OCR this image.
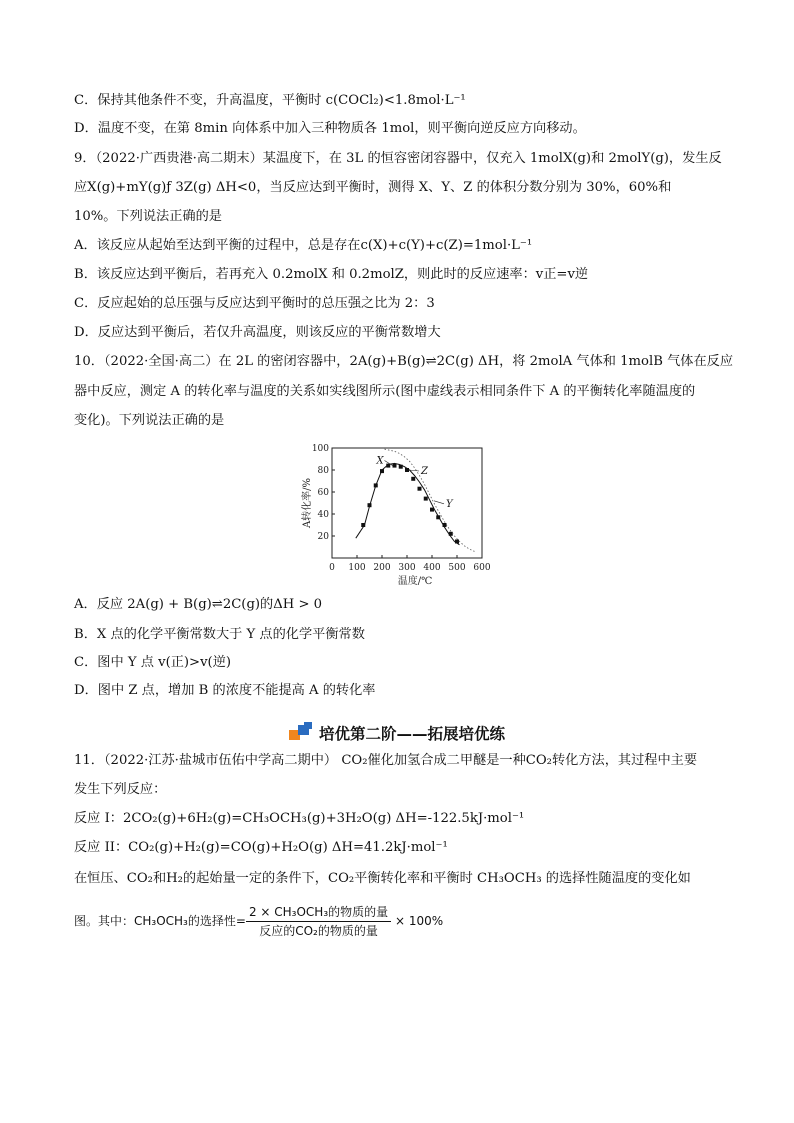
C．保持其他条件不变，升高温度，平衡时 c(COCl₂)<1.8mol·L⁻¹
D．温度不变，在第 8min 向体系中加入三种物质各 1mol，则平衡向逆反应方向移动。
9．（2022·广西贵港·高二期末）某温度下，在 3L 的恒容密闭容器中，仅充入 1molX(g)和 2molY(g)，发生反
应X(g)+mY(g)ƒ 3Z(g) ΔH<0，当反应达到平衡时，测得 X、Y、Z 的体积分数分别为 30%，60%和
10%。下列说法正确的是
A．该反应从起始至达到平衡的过程中，总是存在c(X)+c(Y)+c(Z)=1mol·L⁻¹
B．该反应达到平衡后，若再充入 0.2molX 和 0.2molZ，则此时的反应速率：v正=v逆
C．反应起始的总压强与反应达到平衡时的总压强之比为 2：3
D．反应达到平衡后，若仅升高温度，则该反应的平衡常数增大
10．（2022·全国·高二）在 2L 的密闭容器中，2A(g)+B(g)⇌2C(g) ΔH，将 2molA 气体和 1molB 气体在反应
器中反应，测定 A 的转化率与温度的关系如实线图所示(图中虚线表示相同条件下 A 的平衡转化率随温度的
变化)。下列说法正确的是
0 100 200 300 400 500 600
20
40
60
80
100
温度/℃
A转化率/%
X
Z
Y
A．反应 2A(g) + B(g)⇌2C(g)的ΔH > 0
B．X 点的化学平衡常数大于 Y 点的化学平衡常数
C．图中 Y 点 v(正)>v(逆)
D．图中 Z 点，增加 B 的浓度不能提高 A 的转化率
培优第二阶——拓展培优练
11．（2022·江苏·盐城市伍佑中学高二期中） CO₂催化加氢合成二甲醚是一种CO₂转化方法，其过程中主要
发生下列反应：
反应 I：2CO₂(g)+6H₂(g)=CH₃OCH₃(g)+3H₂O(g) ΔH=-122.5kJ·mol⁻¹
反应 II：CO₂(g)+H₂(g)=CO(g)+H₂O(g) ΔH=41.2kJ·mol⁻¹
在恒压、CO₂和H₂的起始量一定的条件下，CO₂平衡转化率和平衡时 CH₃OCH₃ 的选择性随温度的变化如
图。其中：CH₃OCH₃的选择性= $\frac{\text{2 × CH₃OCH₃的物质的量}}{\text{反应的CO₂的物质的量}} \times 100\%$
